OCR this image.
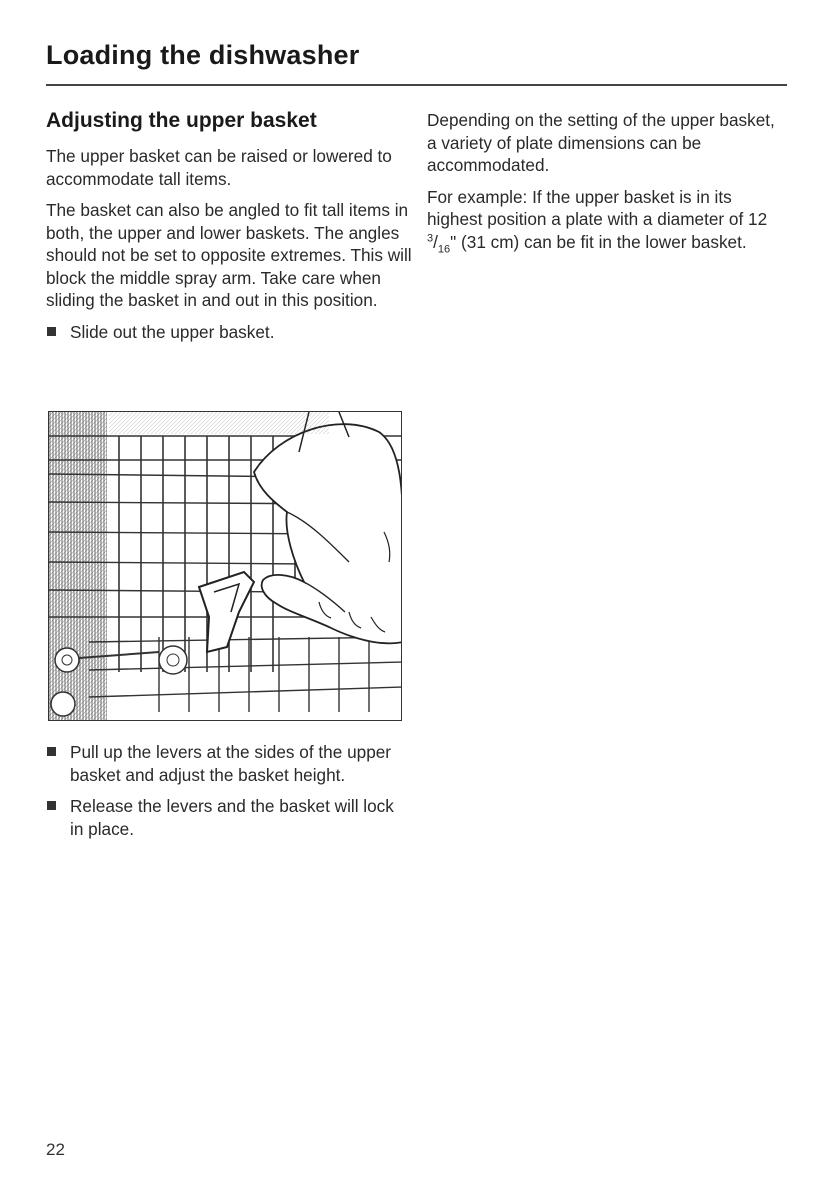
Loading the dishwasher
Adjusting the upper basket

The upper basket can be raised or lowered to accommodate tall items.

The basket can also be angled to fit tall items in both, the upper and lower baskets. The angles should not be set to opposite extremes. This will block the middle spray arm. Take care when sliding the basket in and out in this position.

Slide out the upper basket.

Pull up the levers at the sides of the upper basket and adjust the basket height.

Release the levers and the basket will lock in place.

Depending on the setting of the upper basket, a variety of plate dimensions can be accommodated.

For example: If the upper basket is in its highest position a plate with a diameter of 12 $^3/_{16}$" (31 cm) can be fit in the lower basket.

22
